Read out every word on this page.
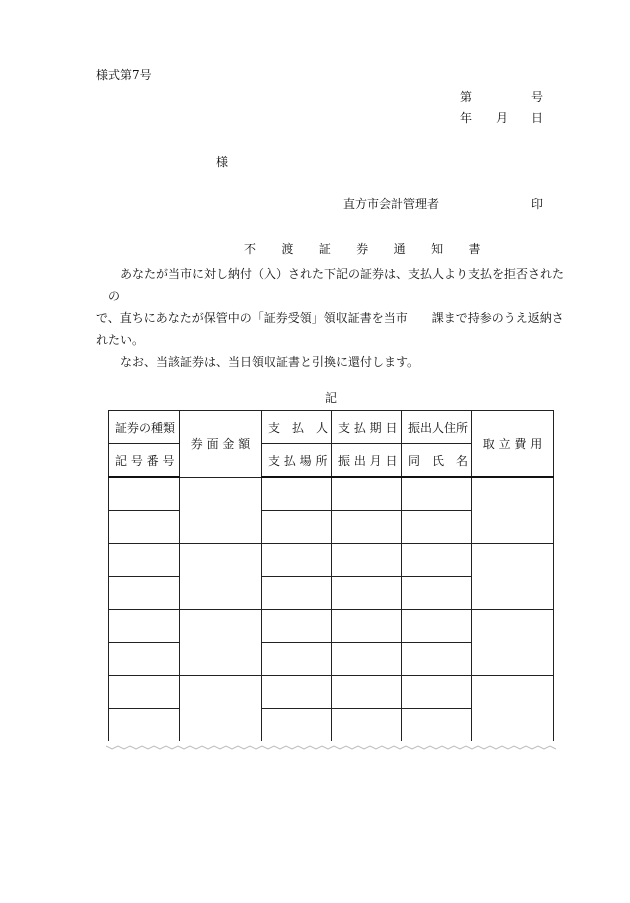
様式第7号
第	号
年 月 日
様
直方市会計管理者	印
不 渡 証 券 通 知 書

あなたが当市に対し納付（入）された下記の証券は、支払人より支払を拒否されたの
で、直ちにあなたが保管中の「証券受領」領収証書を当市　　課まで持参のうえ返納さ
れたい。

なお、当該証券は、当日領収証書と引換に還付します。

記
証券の種類	券 面 金 額	支　払　人	支 払 期 日	振出人住所	取 立 費 用
記 号 番 号		支 払 場 所	振 出 月 日	同　氏　名	
